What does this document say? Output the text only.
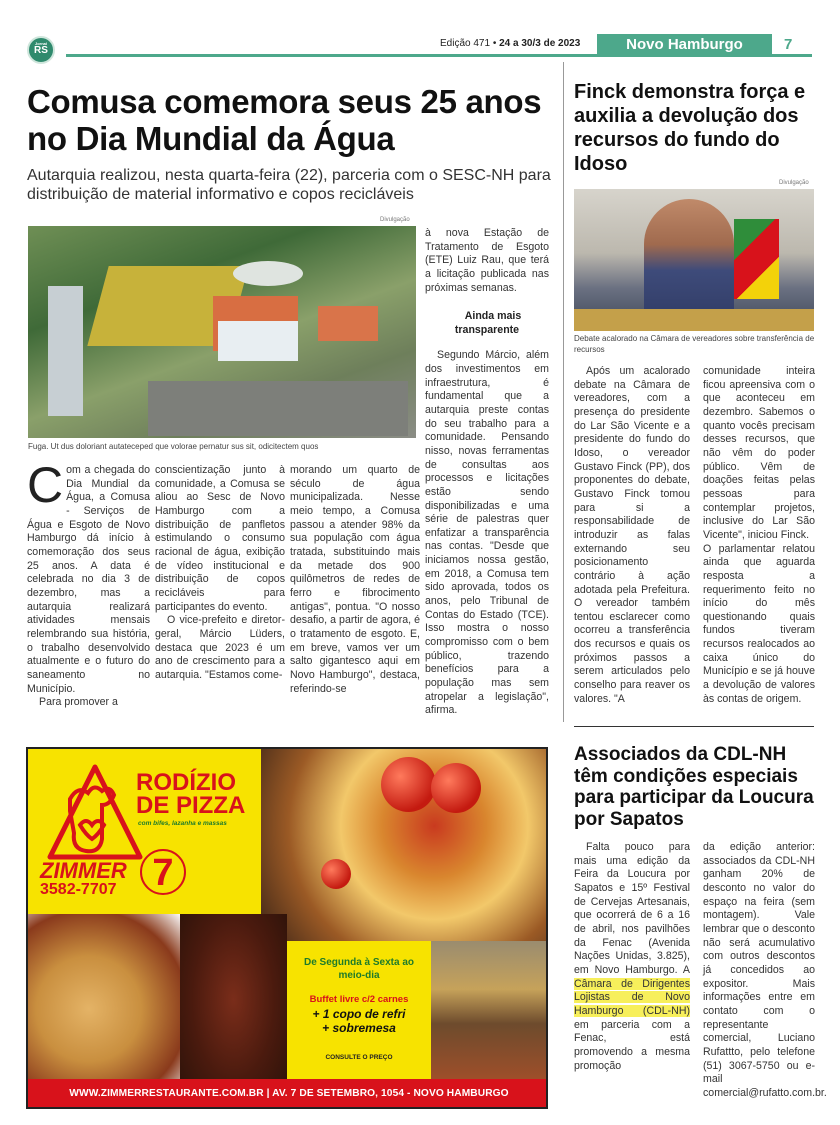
Jornal
RS
Edição 471 • 24 a 30/3 de 2023	Novo Hamburgo	7
Comusa comemora seus 25 anos no Dia Mundial da Água
Autarquia realizou, nesta quarta-feira (22), parceria com o SESC-NH para distribuição de material informativo e copos recicláveis
Divulgação
Fuga. Ut dus doloriant autateceped que volorae pernatur sus sit, odicitectem quos

Com a chegada do Dia Mundial da Água, a Comusa - Serviços de Água e Esgoto de Novo Hamburgo dá início à comemoração dos seus 25 anos. A data é celebrada no dia 3 de dezembro, mas a autarquia realizará atividades mensais relembrando sua história, o trabalho desenvolvido atualmente e o futuro do saneamento no Município.

Para promover a

conscientização junto à comunidade, a Comusa se aliou ao Sesc de Novo Hamburgo com a distribuição de panfletos estimulando o consumo racional de água, exibição de vídeo institucional e distribuição de copos recicláveis para participantes do evento.

O vice-prefeito e diretor-geral, Márcio Lüders, destaca que 2023 é um ano de crescimento para a autarquia. "Estamos come-

morando um quarto de século de água municipalizada. Nesse meio tempo, a Comusa passou a atender 98% da sua população com água tratada, substituindo mais da metade dos 900 quilômetros de redes de ferro e fibrocimento antigas", pontua. "O nosso desafio, a partir de agora, é o tratamento de esgoto. E, em breve, vamos ver um salto gigantesco aqui em Novo Hamburgo", destaca, referindo-se

à nova Estação de Tratamento de Esgoto (ETE) Luiz Rau, que terá a licitação publicada nas próximas semanas.

Ainda mais transparente

Segundo Márcio, além dos investimentos em infraestrutura, é fundamental que a autarquia preste contas do seu trabalho para a comunidade. Pensando nisso, novas ferramentas de consultas aos processos e licitações estão sendo disponibilizadas e uma série de palestras quer enfatizar a transparência nas contas. "Desde que iniciamos nossa gestão, em 2018, a Comusa tem sido aprovada, todos os anos, pelo Tribunal de Contas do Estado (TCE). Isso mostra o nosso compromisso com o bem público, trazendo benefícios para a população mas sem atropelar a legislação", afirma.

RODÍZIO
DE PIZZA
com bifes, lazanha e massas
ZIMMER
3582-7707 7
De Segunda à Sexta ao meio-dia
Buffet livre c/2 carnes
+ 1 copo de refri
+ sobremesa
CONSULTE O PREÇO
WWW.ZIMMERRESTAURANTE.COM.BR | AV. 7 DE SETEMBRO, 1054 - NOVO HAMBURGO
Finck demonstra força e auxilia a devolução dos recursos do fundo do Idoso
Divulgação
Debate acalorado na Câmara de vereadores sobre transferência de recursos

Após um acalorado debate na Câmara de vereadores, com a presença do presidente do Lar São Vicente e a presidente do fundo do Idoso, o vereador Gustavo Finck (PP), dos proponentes do debate, Gustavo Finck tomou para si a responsabilidade de introduzir as falas externando seu posicionamento contrário à ação adotada pela Prefeitura. O vereador também tentou esclarecer como ocorreu a transferência dos recursos e quais os próximos passos a serem articulados pelo conselho para reaver os valores. "A

comunidade inteira ficou apreensiva com o que aconteceu em dezembro. Sabemos o quanto vocês precisam desses recursos, que não vêm do poder público. Vêm de doações feitas pelas pessoas para contemplar projetos, inclusive do Lar São Vicente", iniciou Finck.

O parlamentar relatou ainda que aguarda resposta a requerimento feito no início do mês questionando quais fundos tiveram recursos realocados ao caixa único do Município e se já houve a devolução de valores às contas de origem.

Associados da CDL-NH têm condições especiais para participar da Loucura por Sapatos

Falta pouco para mais uma edição da Feira da Loucura por Sapatos e 15º Festival de Cervejas Artesanais, que ocorrerá de 6 a 16 de abril, nos pavilhões da Fenac (Avenida Nações Unidas, 3.825), em Novo Hamburgo. A Câmara de Dirigentes Lojistas de Novo Hamburgo (CDL-NH) em parceria com a Fenac, está promovendo a mesma promoção

da edição anterior: associados da CDL-NH ganham 20% de desconto no valor do espaço na feira (sem montagem). Vale lembrar que o desconto não será acumulativo com outros descontos já concedidos ao expositor. Mais informações entre em contato com o representante comercial, Luciano Rufattto, pelo telefone (51) 3067-5750 ou e-mail comercial@rufatto.com.br.
